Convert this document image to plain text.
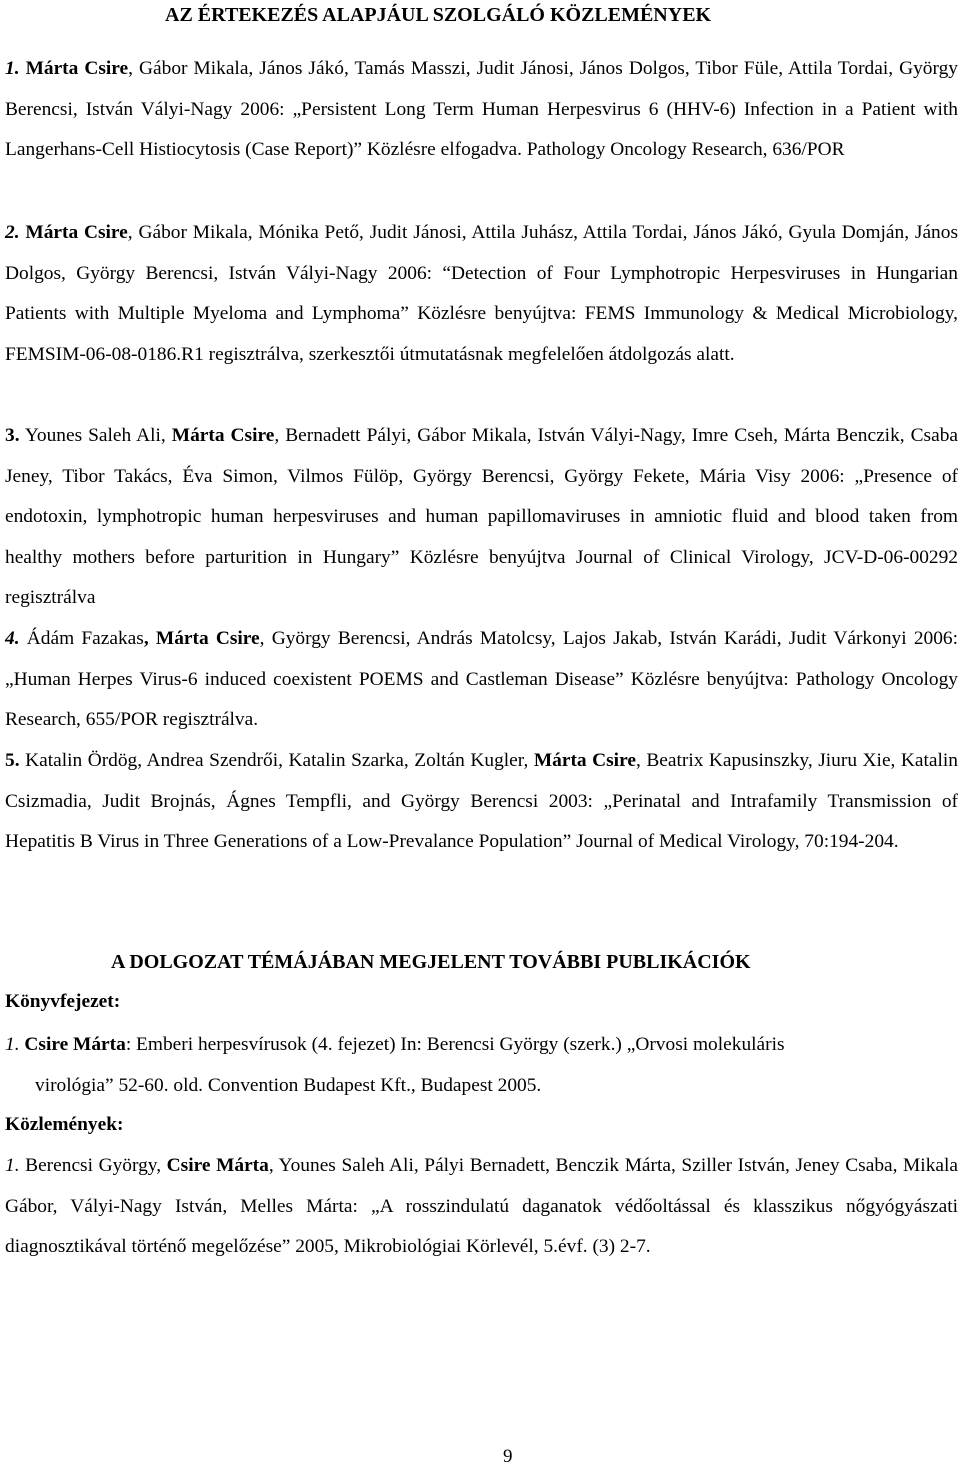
AZ ÉRTEKEZÉS ALAPJÁUL SZOLGÁLÓ KÖZLEMÉNYEK
1. Márta Csire, Gábor Mikala, János Jákó, Tamás Masszi, Judit Jánosi, János Dolgos, Tibor Füle, Attila Tordai, György Berencsi, István Vályi-Nagy 2006: „Persistent Long Term Human Herpesvirus 6 (HHV-6) Infection in a Patient with Langerhans-Cell Histiocytosis (Case Report)” Közlésre elfogadva. Pathology Oncology Research, 636/POR
2. Márta Csire, Gábor Mikala, Mónika Pető, Judit Jánosi, Attila Juhász, Attila Tordai, János Jákó, Gyula Domján, János Dolgos, György Berencsi, István Vályi-Nagy 2006: “Detection of Four Lymphotropic Herpesviruses in Hungarian Patients with Multiple Myeloma and Lymphoma” Közlésre benyújtva: FEMS Immunology & Medical Microbiology, FEMSIM-06-08-0186.R1 regisztrálva, szerkesztői útmutatásnak megfelelően átdolgozás alatt.
3. Younes Saleh Ali, Márta Csire, Bernadett Pályi, Gábor Mikala, István Vályi-Nagy, Imre Cseh, Márta Benczik, Csaba Jeney, Tibor Takács, Éva Simon, Vilmos Fülöp, György Berencsi, György Fekete, Mária Visy 2006: „Presence of endotoxin, lymphotropic human herpesviruses and human papillomaviruses in amniotic fluid and blood taken from healthy mothers before parturition in Hungary” Közlésre benyújtva Journal of Clinical Virology, JCV-D-06-00292 regisztrálva
4. Ádám Fazakas, Márta Csire, György Berencsi, András Matolcsy, Lajos Jakab, István Karádi, Judit Várkonyi 2006: „Human Herpes Virus-6 induced coexistent POEMS and Castleman Disease” Közlésre benyújtva: Pathology Oncology Research, 655/POR regisztrálva.
5. Katalin Ördög, Andrea Szendrői, Katalin Szarka, Zoltán Kugler, Márta Csire, Beatrix Kapusinszky, Jiuru Xie, Katalin Csizmadia, Judit Brojnás, Ágnes Tempfli, and György Berencsi 2003: „Perinatal and Intrafamily Transmission of Hepatitis B Virus in Three Generations of a Low-Prevalance Population” Journal of Medical Virology, 70:194-204.
A DOLGOZAT TÉMÁJÁBAN MEGJELENT TOVÁBBI PUBLIKÁCIÓK
Könyvfejezet:
1. Csire Márta: Emberi herpesvírusok (4. fejezet) In: Berencsi György (szerk.) „Orvosi molekuláris
virológia” 52-60. old. Convention Budapest Kft., Budapest 2005.
Közlemények:
1. Berencsi György, Csire Márta, Younes Saleh Ali, Pályi Bernadett, Benczik Márta, Sziller István, Jeney Csaba, Mikala Gábor, Vályi-Nagy István, Melles Márta: „A rosszindulatú daganatok védőoltással és klasszikus nőgyógyászati diagnosztikával történő megelőzése” 2005, Mikrobiológiai Körlevél, 5.évf. (3) 2-7.
9
